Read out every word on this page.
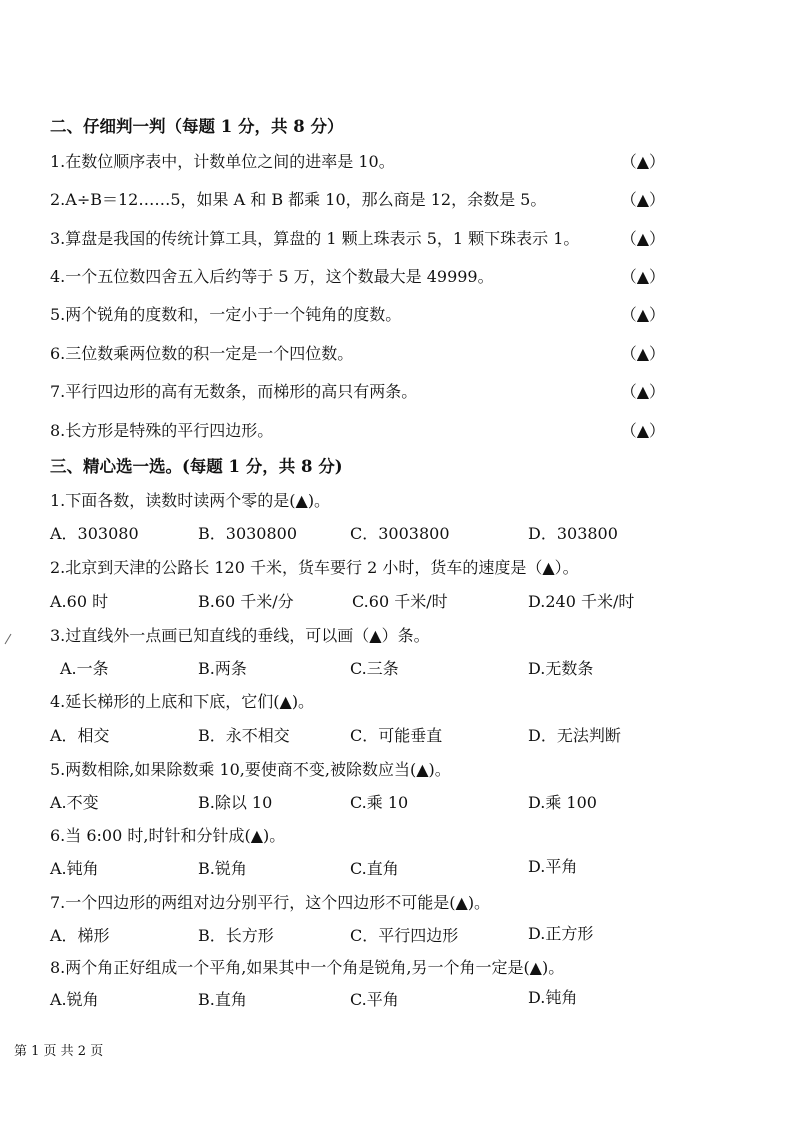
二、仔细判一判（每题 1 分，共 8 分）
1.在数位顺序表中，计数单位之间的进率是 10。	（▲）
2.A÷B＝12……5，如果 A 和 B 都乘 10，那么商是 12，余数是 5。	（▲）
3.算盘是我国的传统计算工具，算盘的 1 颗上珠表示 5，1 颗下珠表示 1。	（▲）
4.一个五位数四舍五入后约等于 5 万，这个数最大是 49999。	（▲）
5.两个锐角的度数和，一定小于一个钝角的度数。	（▲）
6.三位数乘两位数的积一定是一个四位数。	（▲）
7.平行四边形的高有无数条，而梯形的高只有两条。	（▲）
8.长方形是特殊的平行四边形。	（▲）
三、精心选一选。(每题 1 分，共 8 分)
1.下面各数，读数时读两个零的是(▲)。
A．303080	B．3030800	C．3003800	D．303800
2.北京到天津的公路长 120 千米，货车要行 2 小时，货车的速度是（▲）。
A.60 时	B.60 千米/分	C.60 千米/时	D.240 千米/时
3.过直线外一点画已知直线的垂线，可以画（▲）条。
A.一条	B.两条	C.三条	D.无数条
4.延长梯形的上底和下底，它们(▲)。
A．相交	B．永不相交	C．可能垂直	D．无法判断
5.两数相除,如果除数乘 10,要使商不变,被除数应当(▲)。
A.不变	B.除以 10	C.乘 10	D.乘 100
6.当 6:00 时,时针和分针成(▲)。
A.钝角	B.锐角	C.直角	D.平角
7.一个四边形的两组对边分别平行，这个四边形不可能是(▲)。
A．梯形	B．长方形	C．平行四边形	D.正方形
8.两个角正好组成一个平角,如果其中一个角是锐角,另一个角一定是(▲)。
A.锐角	B.直角	C.平角	D.钝角
第 1 页 共 2 页
